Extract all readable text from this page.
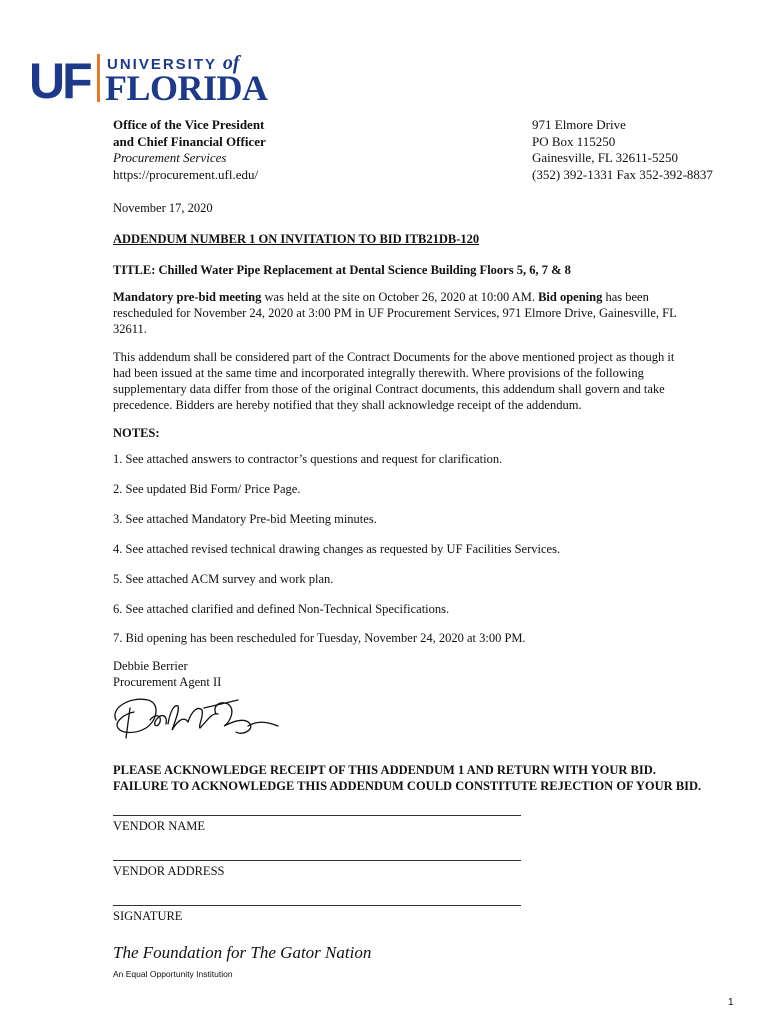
UF UNIVERSITY of
FLORIDA
Office of the Vice President
and Chief Financial Officer
Procurement Services
https://procurement.ufl.edu/
971 Elmore Drive
PO Box 115250
Gainesville, FL 32611-5250
(352) 392-1331 Fax 352-392-8837
November 17, 2020
ADDENDUM NUMBER 1 ON INVITATION TO BID ITB21DB-120
TITLE: Chilled Water Pipe Replacement at Dental Science Building Floors 5, 6, 7 & 8
Mandatory pre-bid meeting was held at the site on October 26, 2020 at 10:00 AM. Bid opening has been rescheduled for November 24, 2020 at 3:00 PM in UF Procurement Services, 971 Elmore Drive, Gainesville, FL 32611.
This addendum shall be considered part of the Contract Documents for the above mentioned project as though it had been issued at the same time and incorporated integrally therewith. Where provisions of the following supplementary data differ from those of the original Contract documents, this addendum shall govern and take precedence. Bidders are hereby notified that they shall acknowledge receipt of the addendum.
NOTES:
1. See attached answers to contractor’s questions and request for clarification.
2. See updated Bid Form/ Price Page.
3. See attached Mandatory Pre-bid Meeting minutes.
4. See attached revised technical drawing changes as requested by UF Facilities Services.
5. See attached ACM survey and work plan.
6. See attached clarified and defined Non-Technical Specifications.
7. Bid opening has been rescheduled for Tuesday, November 24, 2020 at 3:00 PM.
Debbie Berrier
Procurement Agent II
PLEASE ACKNOWLEDGE RECEIPT OF THIS ADDENDUM 1 AND RETURN WITH YOUR BID.
FAILURE TO ACKNOWLEDGE THIS ADDENDUM COULD CONSTITUTE REJECTION OF YOUR BID.
VENDOR NAME
VENDOR ADDRESS
SIGNATURE
The Foundation for The Gator Nation
An Equal Opportunity Institution
1
